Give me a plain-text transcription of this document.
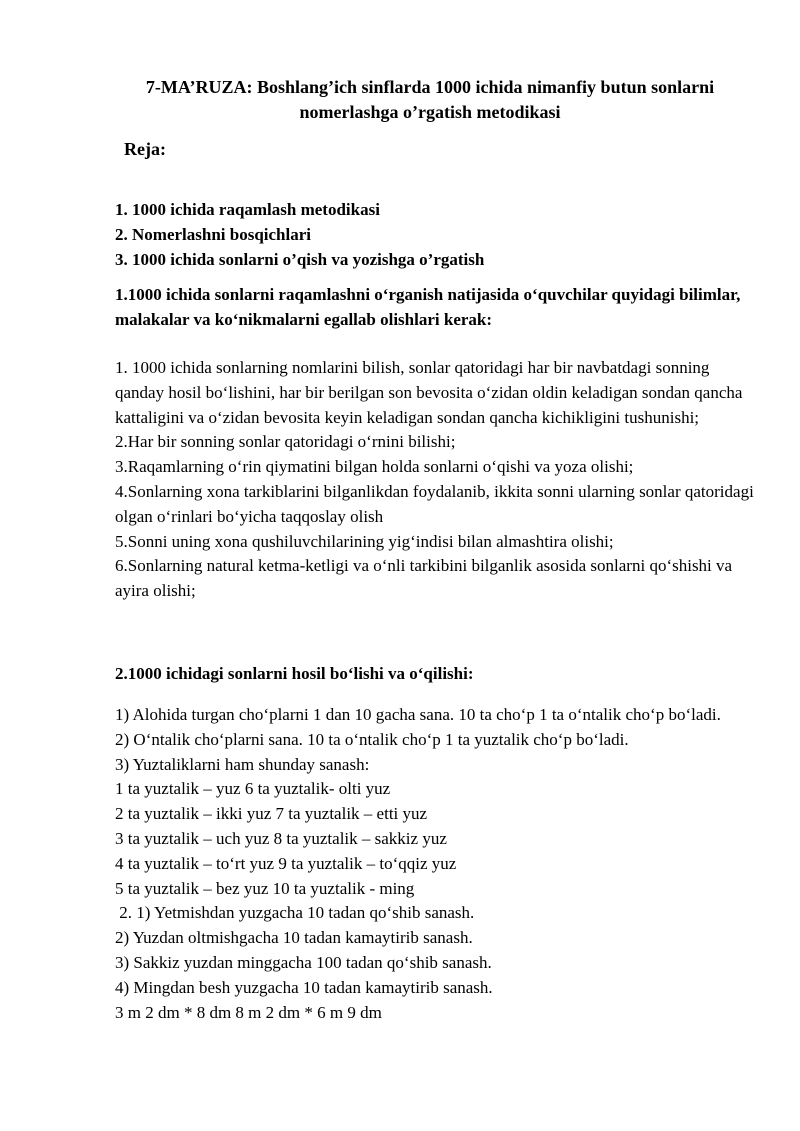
7-MA’RUZA: Boshlang’ich sinflarda 1000 ichida nimanfiy butun sonlarni
nomerlashga o’rgatish metodikasi
Reja:
1. 1000 ichida raqamlash metodikasi
2. Nomerlashni bosqichlari
3. 1000 ichida sonlarni o’qish va yozishga o’rgatish
1.1000 ichida sonlarni raqamlashni oʻrganish natijasida oʻquvchilar quyidagi bilimlar, malakalar va koʻnikmalarni egallab olishlari kerak:
1. 1000 ichida sonlarning nomlarini bilish, sonlar qatoridagi har bir navbatdagi sonning qanday hosil boʻlishini, har bir berilgan son bevosita oʻzidan oldin keladigan sondan qancha kattaligini va oʻzidan bevosita keyin keladigan sondan qancha kichikligini tushunishi;
2.Har bir sonning sonlar qatoridagi oʻrnini bilishi;
3.Raqamlarning oʻrin qiymatini bilgan holda sonlarni oʻqishi va yoza olishi;
4.Sonlarning xona tarkiblarini bilganlikdan foydalanib, ikkita sonni ularning sonlar qatoridagi olgan oʻrinlari boʻyicha taqqoslay olish
5.Sonni uning xona qushiluvchilarining yigʻindisi bilan almashtira olishi;
6.Sonlarning natural ketma-ketligi va oʻnli tarkibini bilganlik asosida sonlarni qoʻshishi va ayira olishi;
2.1000 ichidagi sonlarni hosil boʻlishi va oʻqilishi:
1) Alohida turgan choʻplarni 1 dan 10 gacha sana. 10 ta choʻp 1 ta oʻntalik choʻp boʻladi.
2) Oʻntalik choʻplarni sana. 10 ta oʻntalik choʻp 1 ta yuztalik choʻp boʻladi.
3) Yuztaliklarni ham shunday sanash:
1 ta yuztalik – yuz 6 ta yuztalik- olti yuz
2 ta yuztalik – ikki yuz 7 ta yuztalik – etti yuz
3 ta yuztalik – uch yuz 8 ta yuztalik – sakkiz yuz
4 ta yuztalik – toʻrt yuz 9 ta yuztalik – toʻqqiz yuz
5 ta yuztalik – bez yuz 10 ta yuztalik - ming
2. 1) Yetmishdan yuzgacha 10 tadan qoʻshib sanash.
2) Yuzdan oltmishgacha 10 tadan kamaytirib sanash.
3) Sakkiz yuzdan minggacha 100 tadan qoʻshib sanash.
4) Mingdan besh yuzgacha 10 tadan kamaytirib sanash.
3 m 2 dm * 8 dm 8 m 2 dm * 6 m 9 dm
